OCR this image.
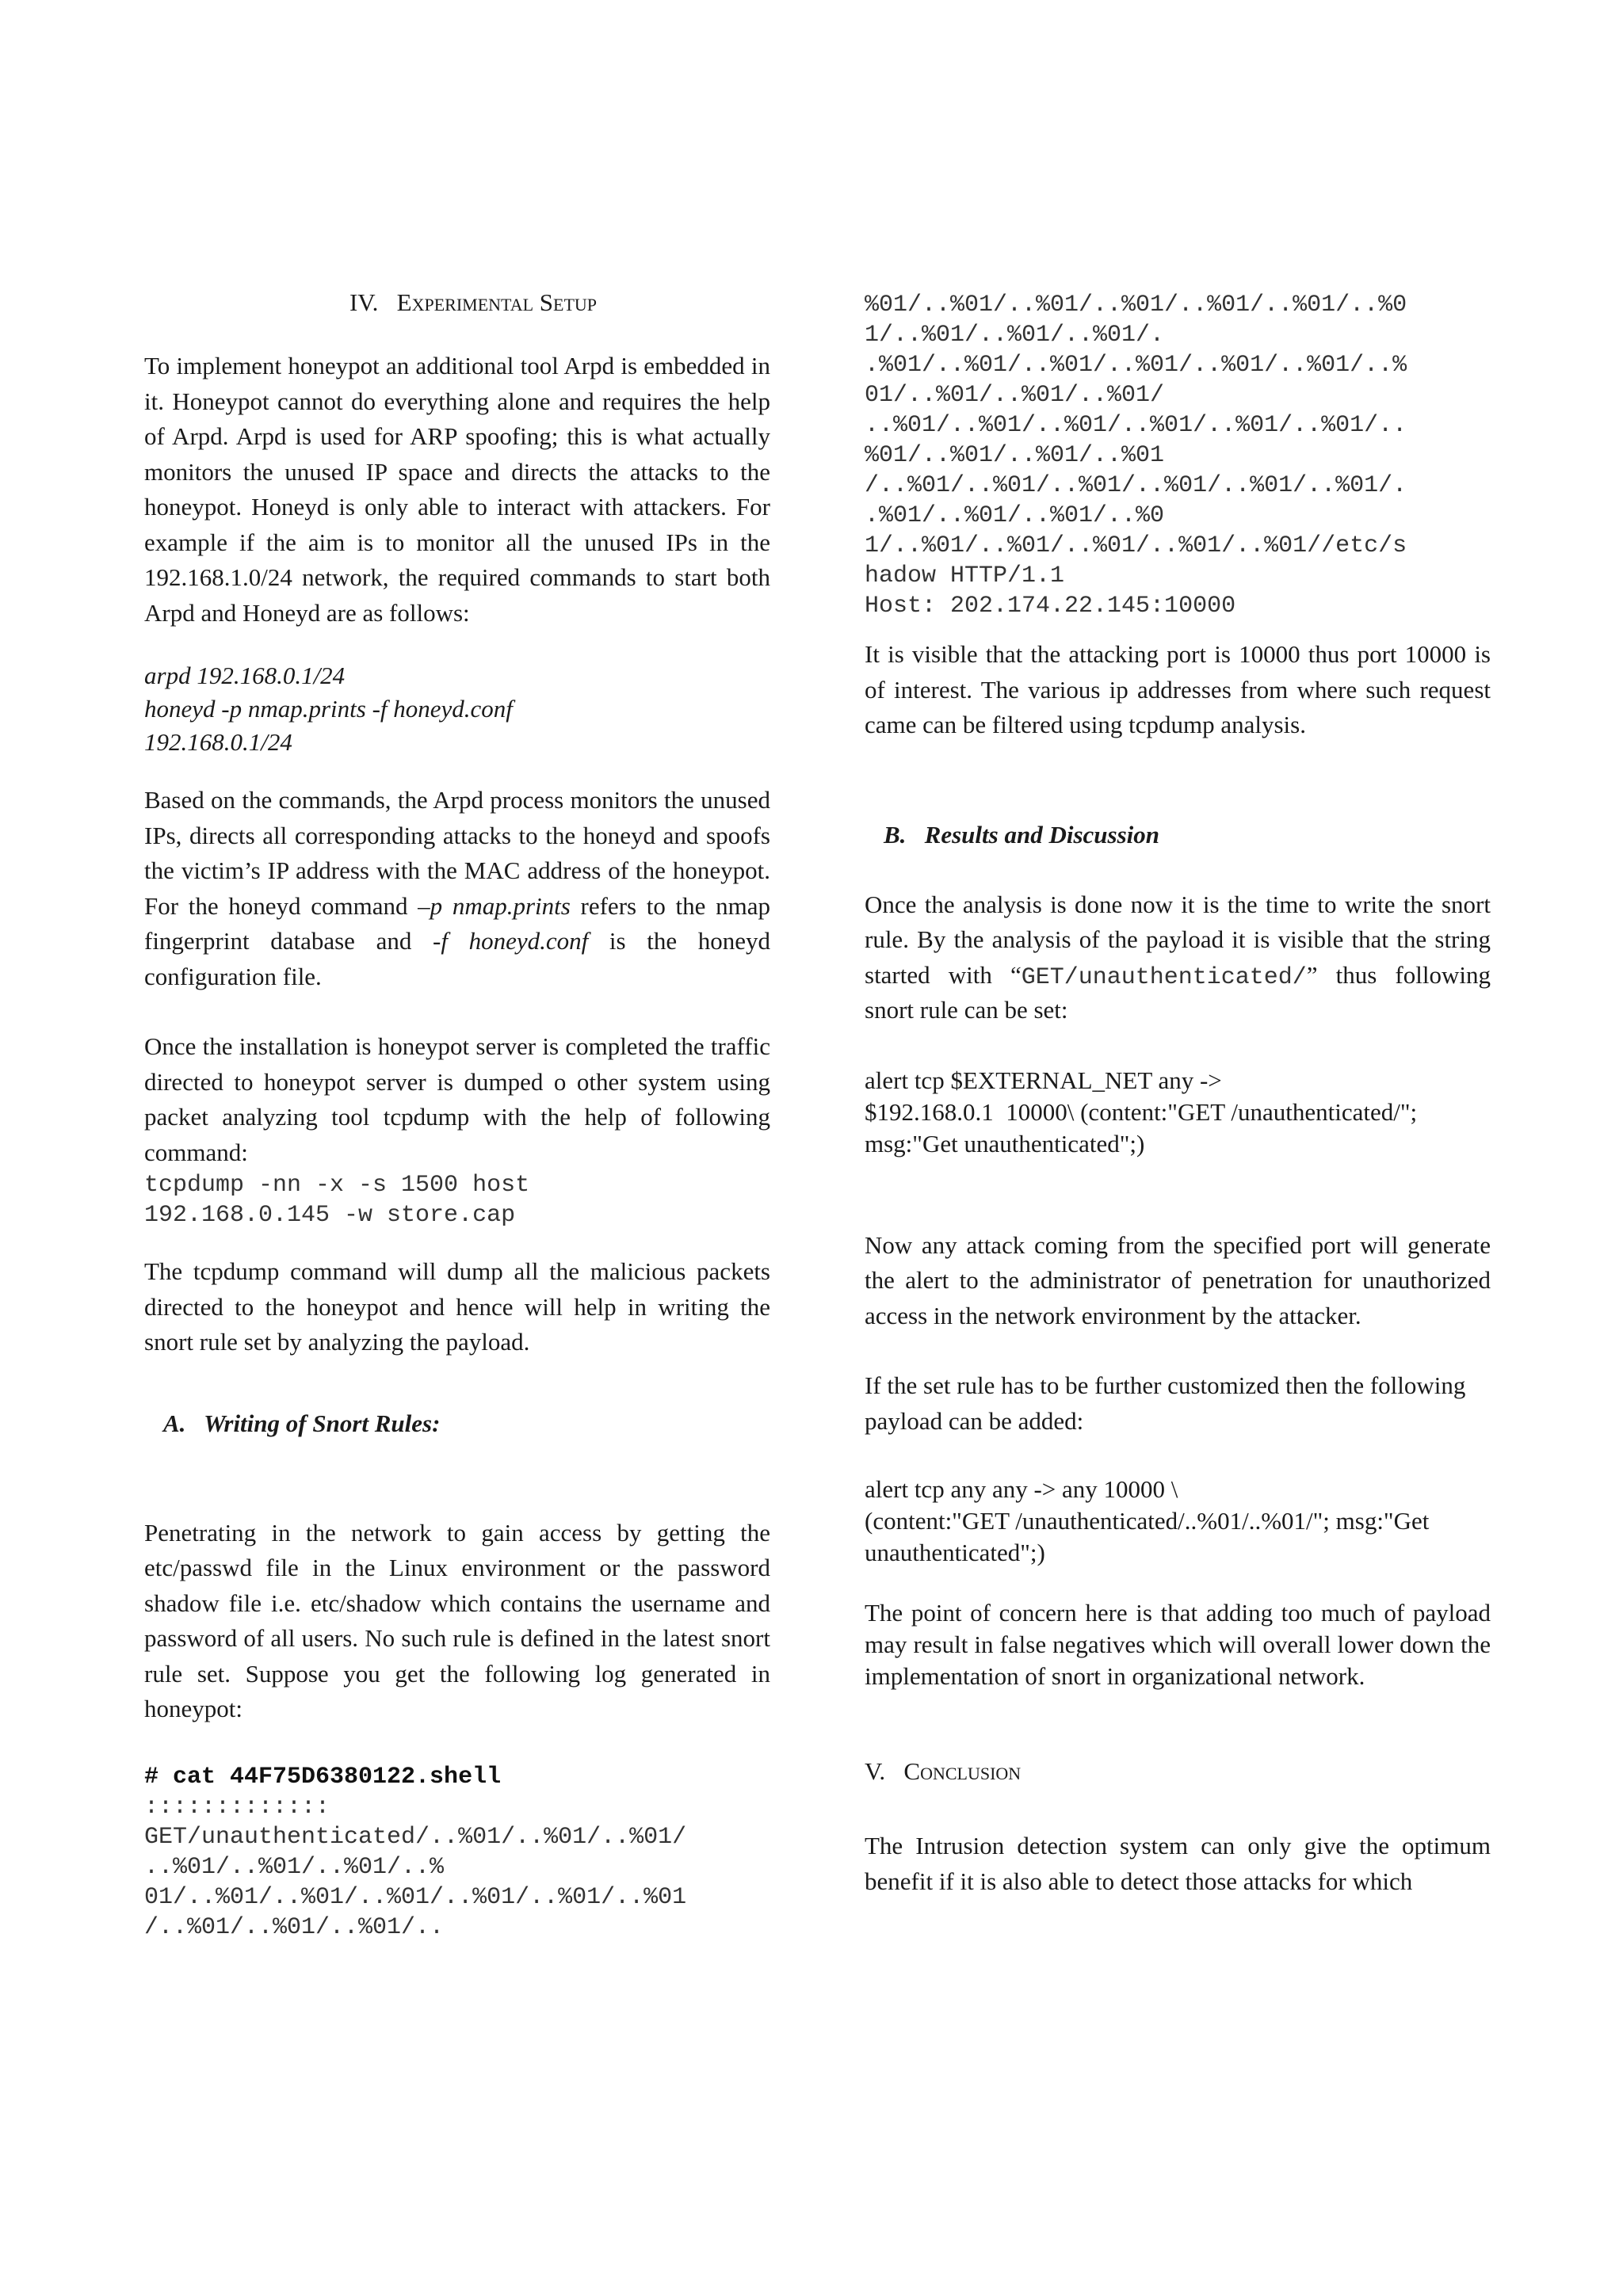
IV. Experimental Setup

To implement honeypot an additional tool Arpd is embedded in it. Honeypot cannot do everything alone and requires the help of Arpd. Arpd is used for ARP spoofing; this is what actually monitors the unused IP space and directs the attacks to the honeypot. Honeyd is only able to interact with attackers. For example if the aim is to monitor all the unused IPs in the 192.168.1.0/24 network, the required commands to start both Arpd and Honeyd are as follows:

arpd 192.168.0.1/24
honeyd -p nmap.prints -f honeyd.conf
192.168.0.1/24

Based on the commands, the Arpd process monitors the unused IPs, directs all corresponding attacks to the honeyd and spoofs the victim’s IP address with the MAC address of the honeypot. For the honeyd command –p nmap.prints refers to the nmap fingerprint database and -f honeyd.conf is the honeyd configuration file.

Once the installation is honeypot server is completed the traffic directed to honeypot server is dumped o other system using packet analyzing tool tcpdump with the help of following command:

tcpdump -nn -x -s 1500 host
192.168.0.145 -w store.cap

The tcpdump command will dump all the malicious packets directed to the honeypot and hence will help in writing the snort rule set by analyzing the payload.

A.   Writing of Snort Rules:

Penetrating in the network to gain access by getting the etc/passwd file in the Linux environment or the password shadow file i.e. etc/shadow which contains the username and password of all users. No such rule is defined in the latest snort rule set. Suppose you get the following log generated in honeypot:

# cat 44F75D6380122.shell
:::::::::::::
GET/unauthenticated/..%01/..%01/..%01/
..%01/..%01/..%01/..%
01/..%01/..%01/..%01/..%01/..%01/..%01
/..%01/..%01/..%01/..
%01/..%01/..%01/..%01/..%01/..%01/..%0
1/..%01/..%01/..%01/.
.%01/..%01/..%01/..%01/..%01/..%01/..%
01/..%01/..%01/..%01/
..%01/..%01/..%01/..%01/..%01/..%01/..
%01/..%01/..%01/..%01
/..%01/..%01/..%01/..%01/..%01/..%01/.
.%01/..%01/..%01/..%0
1/..%01/..%01/..%01/..%01/..%01//etc/s
hadow HTTP/1.1
Host: 202.174.22.145:10000

It is visible that the attacking port is 10000 thus port 10000 is of interest. The various ip addresses from where such request came can be filtered using tcpdump analysis.

B.   Results and Discussion

Once the analysis is done now it is the time to write the snort rule. By the analysis of the payload it is visible that the string started with “GET/unauthenticated/” thus following snort rule can be set:

alert tcp $EXTERNAL_NET any ->
$192.168.0.1  10000\ (content:"GET /unauthenticated/";
msg:"Get unauthenticated";)

Now any attack coming from the specified port will generate the alert to the administrator of penetration for unauthorized access in the network environment by the attacker.

If the set rule has to be further customized then the following payload can be added:

alert tcp any any -> any 10000 \
(content:"GET /unauthenticated/..%01/..%01/"; msg:"Get
unauthenticated";)

The point of concern here is that adding too much of payload may result in false negatives which will overall lower down the implementation of snort in organizational network.

V. Conclusion

The Intrusion detection system can only give the optimum benefit if it is also able to detect those attacks for which
